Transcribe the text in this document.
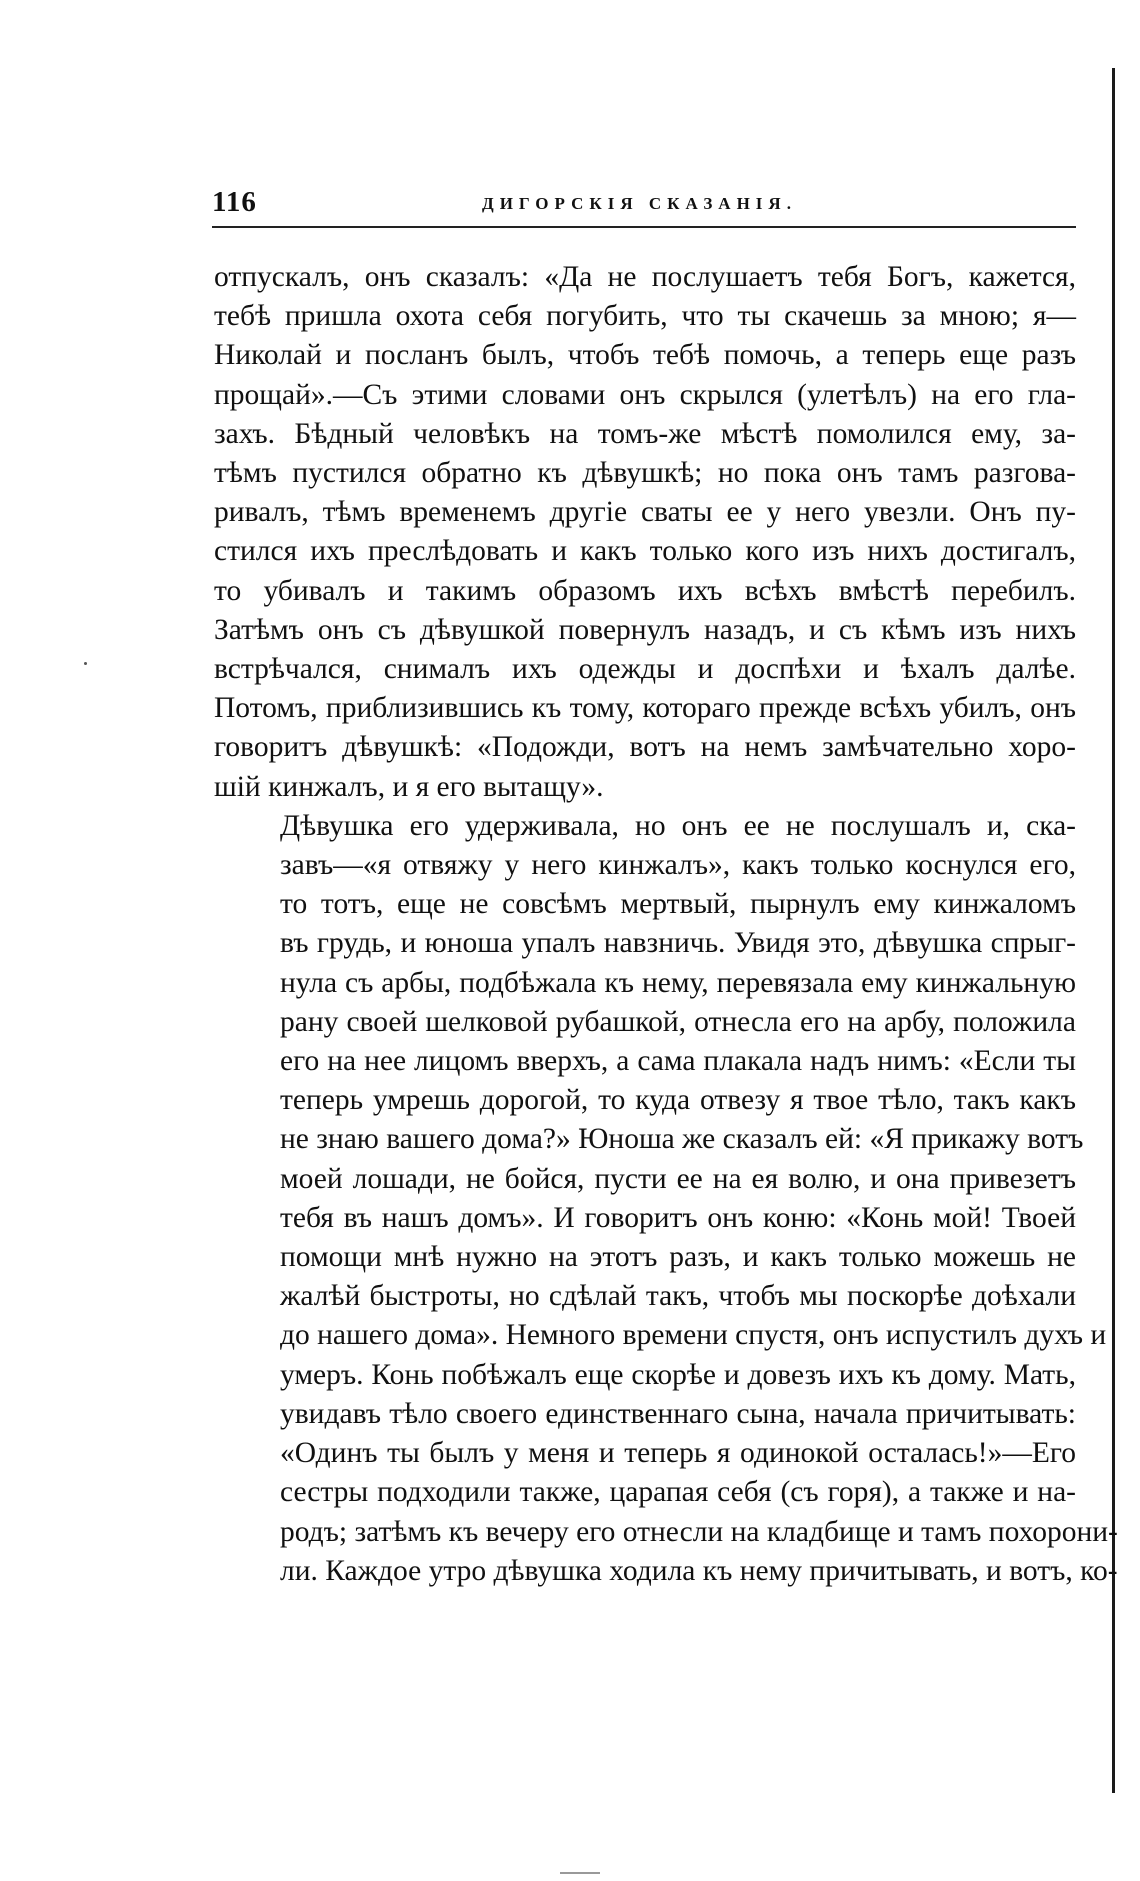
116	ДИГОРСКІЯ СКАЗАНІЯ.

отпускалъ, онъ сказалъ: «Да не послушаетъ тебя Богъ, кажется,
тебѣ пришла охота себя погубить, что ты скачешь за мною; я—
Николай и посланъ былъ, чтобъ тебѣ помочь, а теперь еще разъ
прощай».—Съ этими словами онъ скрылся (улетѣлъ) на его гла-
захъ. Бѣдный человѣкъ на томъ-же мѣстѣ помолился ему, за-
тѣмъ пустился обратно къ дѣвушкѣ; но пока онъ тамъ разгова-
ривалъ, тѣмъ временемъ другіе сваты ее у него увезли. Онъ пу-
стился ихъ преслѣдовать и какъ только кого изъ нихъ достигалъ,
то убивалъ и такимъ образомъ ихъ всѣхъ вмѣстѣ перебилъ.
Затѣмъ онъ съ дѣвушкой повернулъ назадъ, и съ кѣмъ изъ нихъ
встрѣчался, снималъ ихъ одежды и доспѣхи и ѣхалъ далѣе.
Потомъ, приблизившись къ тому, котораго прежде всѣхъ убилъ, онъ
говоритъ дѣвушкѣ: «Подожди, вотъ на немъ замѣчательно хоро-
шій кинжалъ, и я его вытащу».

Дѣвушка его удерживала, но онъ ее не послушалъ и, ска-
завъ—«я отвяжу у него кинжалъ», какъ только коснулся его,
то тотъ, еще не совсѣмъ мертвый, пырнулъ ему кинжаломъ
въ грудь, и юноша упалъ навзничь. Увидя это, дѣвушка спрыг-
нула съ арбы, подбѣжала къ нему, перевязала ему кинжальную
рану своей шелковой рубашкой, отнесла его на арбу, положила
его на нее лицомъ вверхъ, а сама плакала надъ нимъ: «Если ты
теперь умрешь дорогой, то куда отвезу я твое тѣло, такъ какъ
не знаю вашего дома?» Юноша же сказалъ ей: «Я прикажу вотъ
моей лошади, не бойся, пусти ее на ея волю, и она привезетъ
тебя въ нашъ домъ». И говоритъ онъ коню: «Конь мой! Твоей
помощи мнѣ нужно на этотъ разъ, и какъ только можешь не
жалѣй быстроты, но сдѣлай такъ, чтобъ мы поскорѣе доѣхали
до нашего дома». Немного времени спустя, онъ испустилъ духъ и
умеръ. Конь побѣжалъ еще скорѣе и довезъ ихъ къ дому. Мать,
увидавъ тѣло своего единственнаго сына, начала причитывать:
«Одинъ ты былъ у меня и теперь я одинокой осталась!»—Его
сестры подходили также, царапая себя (съ горя), а также и на-
родъ; затѣмъ къ вечеру его отнесли на кладбище и тамъ похорони-
ли. Каждое утро дѣвушка ходила къ нему причитывать, и вотъ, ко-
